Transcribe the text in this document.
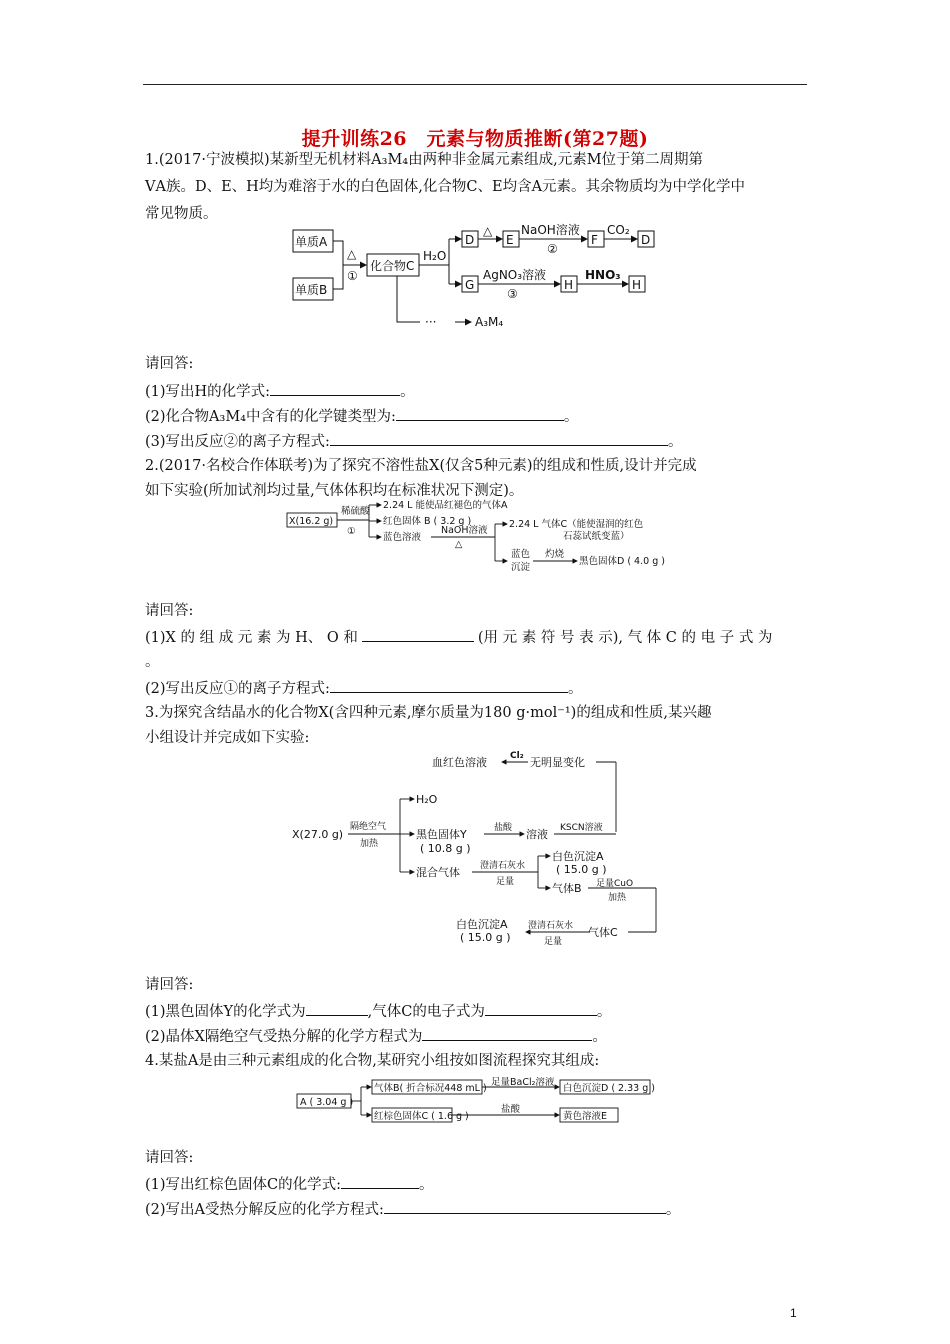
提升训练26　元素与物质推断(第27题)
1.(2017·宁波模拟)某新型无机材料A₃M₄由两种非金属元素组成,元素M位于第二周期第
ⅤA族。D、E、H均为难溶于水的白色固体,化合物C、E均含A元素。其余物质均为中学化学中
常见物质。
单质A
单质B
△
①
化合物C
H₂O
D
△
E
NaOH溶液
②
F
CO₂
D
G
AgNO₃溶液
③
H
HNO₃
H
···	A₃M₄
请回答:
(1)写出H的化学式:	。
(2)化合物A₃M₄中含有的化学键类型为:	。
(3)写出反应②的离子方程式:	。
2.(2017·名校合作体联考)为了探究不溶性盐X(仅含5种元素)的组成和性质,设计并完成
如下实验(所加试剂均过量,气体体积均在标准状况下测定)。
X(16.2 g)
稀硫酸
①
2.24 L 能使品红褪色的气体A
红色固体 B ( 3.2 g )
蓝色溶液
NaOH溶液
△
2.24 L 气体C（能使湿润的红色
石蕊试纸变蓝）
蓝色
沉淀
灼烧
黑色固体D ( 4.0 g )
请回答:
(1)X 的 组 成 元 素 为 H、 O 和	(用 元 素 符 号 表 示), 气 体 C 的 电 子 式 为
。
(2)写出反应①的离子方程式:	。
3.为探究含结晶水的化合物X(含四种元素,摩尔质量为180 g·mol⁻¹)的组成和性质,某兴趣
小组设计并完成如下实验:
血红色溶液	Cl₂ 无明显变化
H₂O
X(27.0 g)
隔绝空气
加热
黑色固体Y
( 10.8 g )
盐酸 溶液 KSCN溶液
混合气体 澄清石灰水
足量
白色沉淀A
( 15.0 g )
气体B 足量CuO
加热
白色沉淀A
( 15.0 g )
澄清石灰水
足量
气体C
请回答:
(1)黑色固体Y的化学式为	,气体C的电子式为	。
(2)晶体X隔绝空气受热分解的化学方程式为	。
4.某盐A是由三种元素组成的化合物,某研究小组按如图流程探究其组成:
A ( 3.04 g )
气体B( 折合标况448 mL )
足量BaCl₂溶液
白色沉淀D ( 2.33 g )
红棕色固体C ( 1.6 g )
盐酸
黄色溶液E
请回答:
(1)写出红棕色固体C的化学式:	。
(2)写出A受热分解反应的化学方程式:	。
1
